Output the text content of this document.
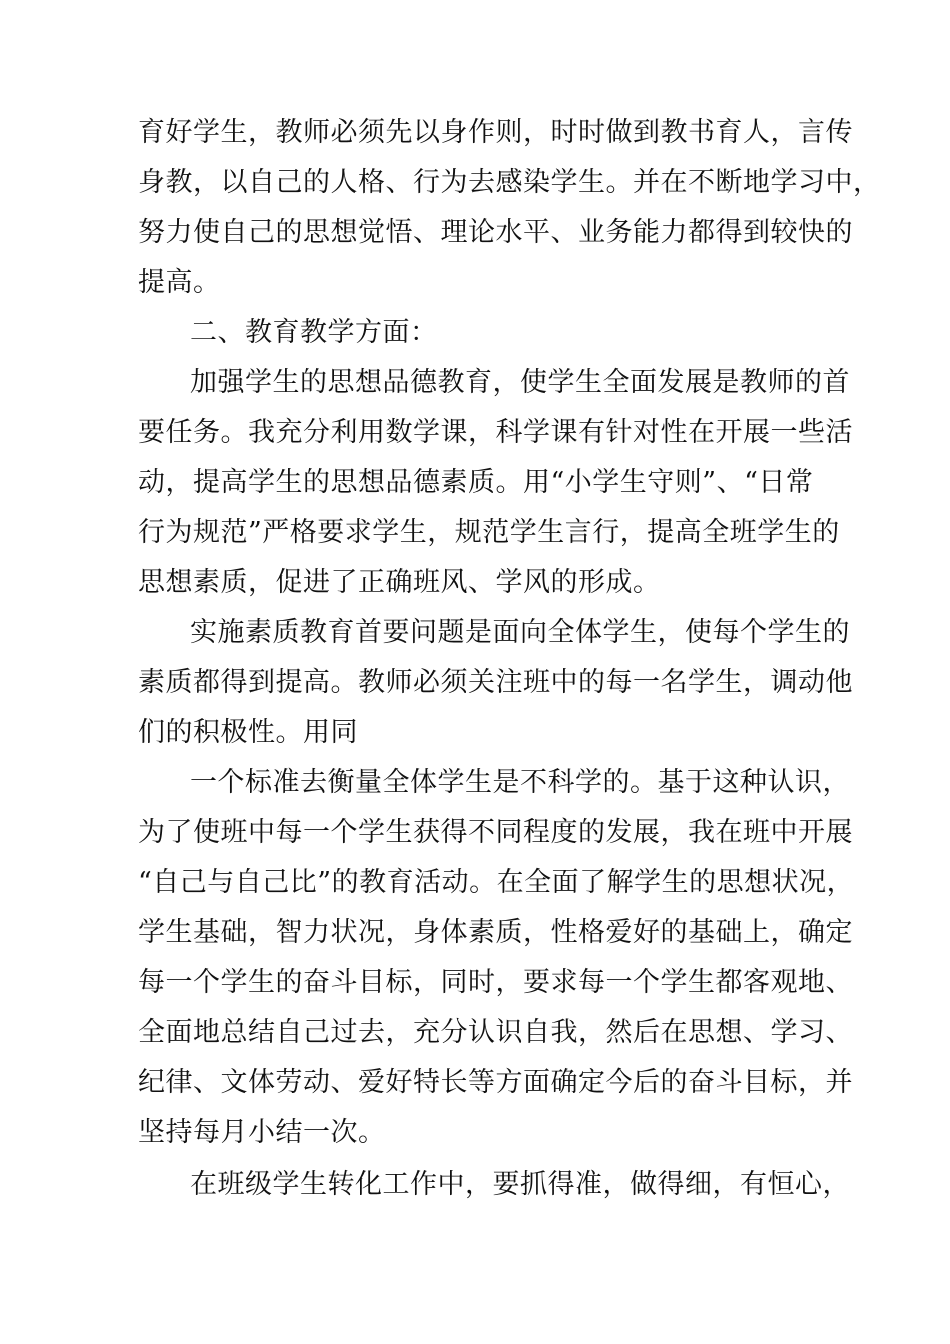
育好学生，教师必须先以身作则，时时做到教书育人，言传
身教，以自己的人格、行为去感染学生。并在不断地学习中，
努力使自己的思想觉悟、理论水平、业务能力都得到较快的
提高。
二、教育教学方面：
加强学生的思想品德教育，使学生全面发展是教师的首
要任务。我充分利用数学课，科学课有针对性在开展一些活
动，提高学生的思想品德素质。用“小学生守则”、“日常
行为规范”严格要求学生，规范学生言行，提高全班学生的
思想素质，促进了正确班风、学风的形成。
实施素质教育首要问题是面向全体学生，使每个学生的
素质都得到提高。教师必须关注班中的每一名学生，调动他
们的积极性。用同
一个标准去衡量全体学生是不科学的。基于这种认识，
为了使班中每一个学生获得不同程度的发展，我在班中开展
“自己与自己比”的教育活动。在全面了解学生的思想状况，
学生基础，智力状况，身体素质，性格爱好的基础上，确定
每一个学生的奋斗目标，同时，要求每一个学生都客观地、
全面地总结自己过去，充分认识自我，然后在思想、学习、
纪律、文体劳动、爱好特长等方面确定今后的奋斗目标，并
坚持每月小结一次。
在班级学生转化工作中，要抓得准，做得细，有恒心，
